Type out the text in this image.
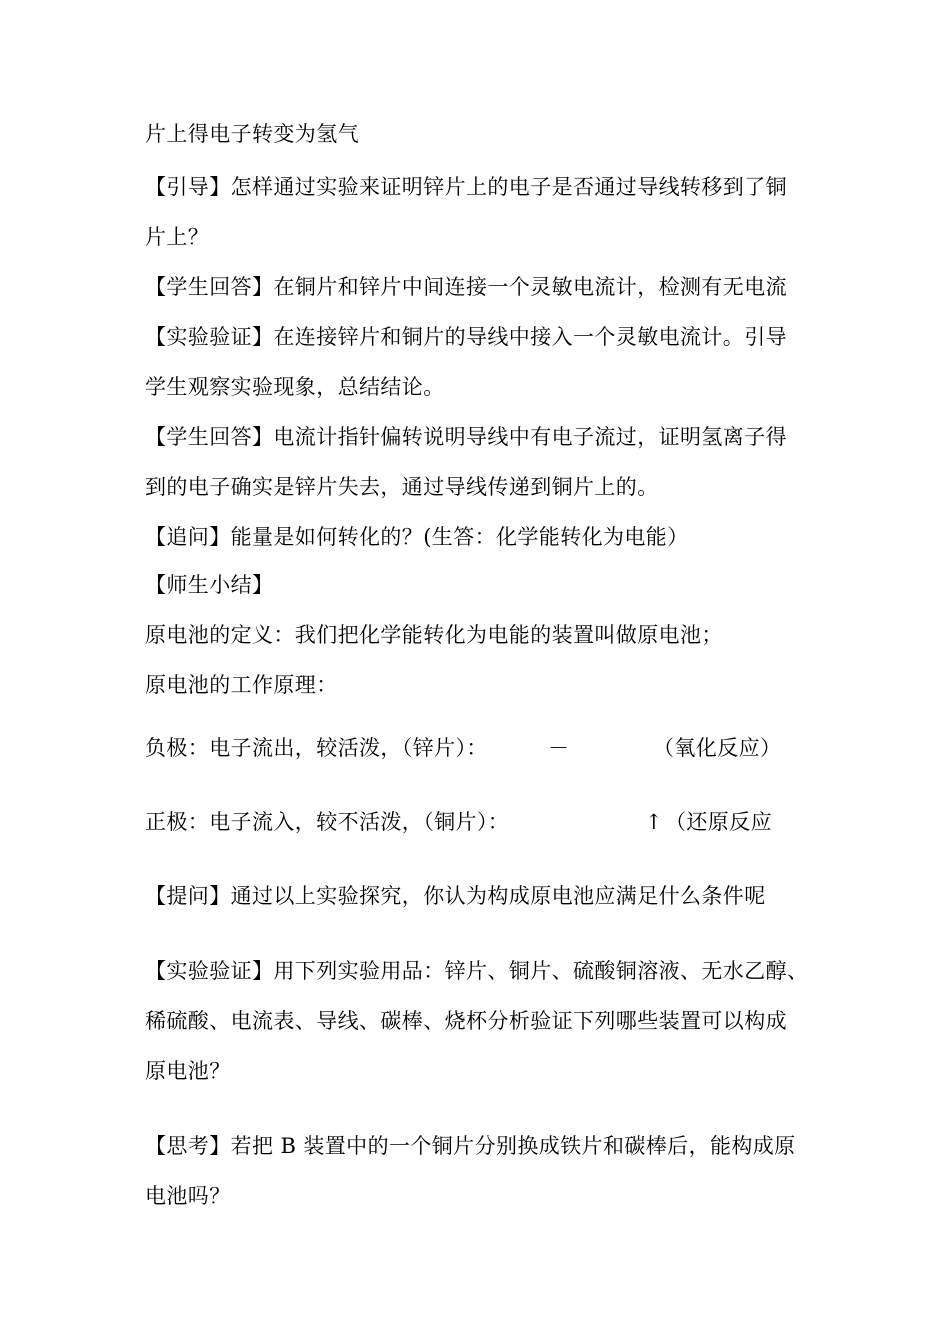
片上得电子转变为氢气
【引导】怎样通过实验来证明锌片上的电子是否通过导线转移到了铜
片上？
【学生回答】在铜片和锌片中间连接一个灵敏电流计，检测有无电流
【实验验证】在连接锌片和铜片的导线中接入一个灵敏电流计。引导
学生观察实验现象，总结结论。
【学生回答】电流计指针偏转说明导线中有电子流过，证明氢离子得
到的电子确实是锌片失去，通过导线传递到铜片上的。
【追问】能量是如何转化的？(生答：化学能转化为电能）
【师生小结】
原电池的定义：我们把化学能转化为电能的装置叫做原电池；
原电池的工作原理：
负极：电子流出，较活泼，（锌片）：	－	（氧化反应）
正极：电子流入，较不活泼，（铜片）：	↑ （还原反应
【提问】通过以上实验探究，你认为构成原电池应满足什么条件呢
【实验验证】用下列实验用品：锌片、铜片、硫酸铜溶液、无水乙醇、
稀硫酸、电流表、导线、碳棒、烧杯分析验证下列哪些装置可以构成
原电池？
【思考】若把 B 装置中的一个铜片分别换成铁片和碳棒后，能构成原
电池吗？
